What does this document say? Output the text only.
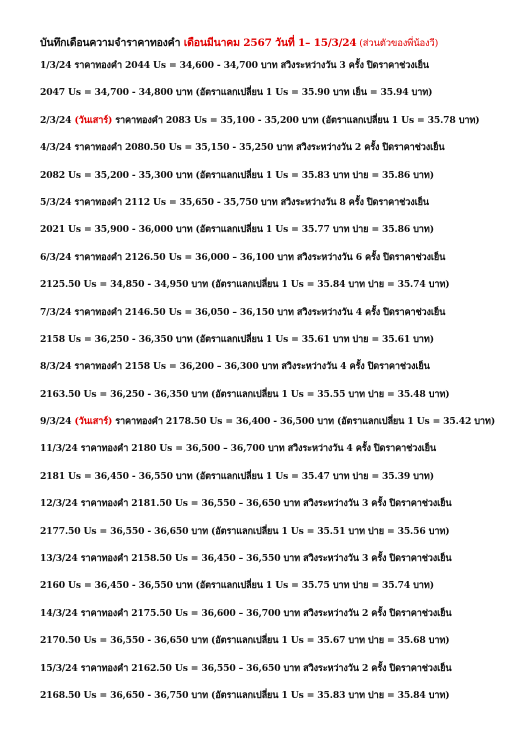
บันทึกเดือนความจำราคาทองคำ เดือนมีนาคม 2567 วันที่ 1– 15/3/24 (ส่วนตัวของพี่น้องวี)
1/3/24 ราคาทองคำ 2044 Us = 34,600 - 34,700 บาท สวิงระหว่างวัน 3 ครั้ง ปิดราคาช่วงเย็น
2047 Us = 34,700 - 34,800 บาท (อัตราแลกเปลี่ยน 1 Us = 35.90 บาท เย็น = 35.94 บาท)
2/3/24 (วันเสาร์) ราคาทองคำ 2083 Us = 35,100 - 35,200 บาท (อัตราแลกเปลี่ยน 1 Us = 35.78 บาท)
4/3/24 ราคาทองคำ 2080.50 Us = 35,150 - 35,250 บาท สวิงระหว่างวัน 2 ครั้ง ปิดราคาช่วงเย็น
2082 Us = 35,200 - 35,300 บาท (อัตราแลกเปลี่ยน 1 Us = 35.83 บาท บ่าย = 35.86 บาท)
5/3/24 ราคาทองคำ 2112 Us = 35,650 - 35,750 บาท สวิงระหว่างวัน 8 ครั้ง ปิดราคาช่วงเย็น
2021 Us = 35,900 - 36,000 บาท (อัตราแลกเปลี่ยน 1 Us = 35.77 บาท บ่าย = 35.86 บาท)
6/3/24 ราคาทองคำ 2126.50 Us = 36,000 – 36,100 บาท สวิงระหว่างวัน 6 ครั้ง ปิดราคาช่วงเย็น
2125.50 Us = 34,850 - 34,950 บาท (อัตราแลกเปลี่ยน 1 Us = 35.84 บาท บ่าย = 35.74 บาท)
7/3/24 ราคาทองคำ 2146.50 Us = 36,050 – 36,150 บาท สวิงระหว่างวัน 4 ครั้ง ปิดราคาช่วงเย็น
2158 Us = 36,250 - 36,350 บาท (อัตราแลกเปลี่ยน 1 Us = 35.61 บาท บ่าย = 35.61 บาท)
8/3/24 ราคาทองคำ 2158 Us = 36,200 – 36,300 บาท สวิงระหว่างวัน 4 ครั้ง ปิดราคาช่วงเย็น
2163.50 Us = 36,250 - 36,350 บาท (อัตราแลกเปลี่ยน 1 Us = 35.55 บาท บ่าย = 35.48 บาท)
9/3/24 (วันเสาร์) ราคาทองคำ 2178.50 Us = 36,400 - 36,500 บาท (อัตราแลกเปลี่ยน 1 Us = 35.42 บาท)
11/3/24 ราคาทองคำ 2180 Us = 36,500 – 36,700 บาท สวิงระหว่างวัน 4 ครั้ง ปิดราคาช่วงเย็น
2181 Us = 36,450 - 36,550 บาท (อัตราแลกเปลี่ยน 1 Us = 35.47 บาท บ่าย = 35.39 บาท)
12/3/24 ราคาทองคำ 2181.50 Us = 36,550 – 36,650 บาท สวิงระหว่างวัน 3 ครั้ง ปิดราคาช่วงเย็น
2177.50 Us = 36,550 - 36,650 บาท (อัตราแลกเปลี่ยน 1 Us = 35.51 บาท บ่าย = 35.56 บาท)
13/3/24 ราคาทองคำ 2158.50 Us = 36,450 – 36,550 บาท สวิงระหว่างวัน 3 ครั้ง ปิดราคาช่วงเย็น
2160 Us = 36,450 - 36,550 บาท (อัตราแลกเปลี่ยน 1 Us = 35.75 บาท บ่าย = 35.74 บาท)
14/3/24 ราคาทองคำ 2175.50 Us = 36,600 – 36,700 บาท สวิงระหว่างวัน 2 ครั้ง ปิดราคาช่วงเย็น
2170.50 Us = 36,550 - 36,650 บาท (อัตราแลกเปลี่ยน 1 Us = 35.67 บาท บ่าย = 35.68 บาท)
15/3/24 ราคาทองคำ 2162.50 Us = 36,550 – 36,650 บาท สวิงระหว่างวัน 2 ครั้ง ปิดราคาช่วงเย็น
2168.50 Us = 36,650 - 36,750 บาท (อัตราแลกเปลี่ยน 1 Us = 35.83 บาท บ่าย = 35.84 บาท)
